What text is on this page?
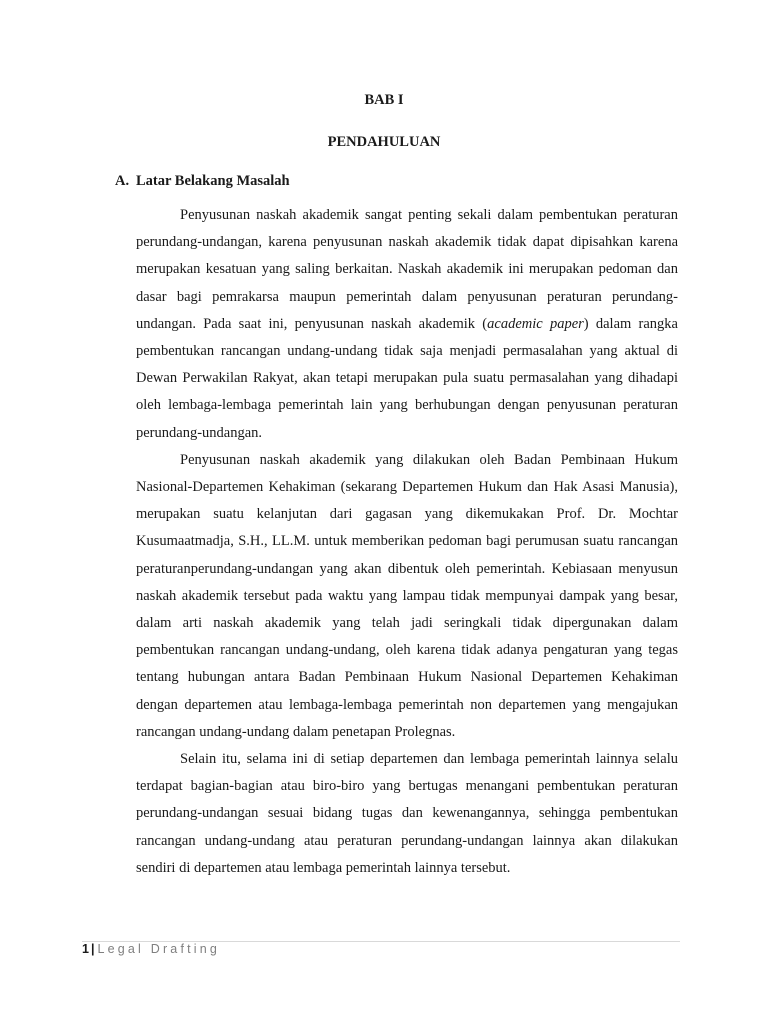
BAB I
PENDAHULUAN
A. Latar Belakang Masalah

Penyusunan naskah akademik sangat penting sekali dalam pembentukan peraturan perundang-undangan, karena penyusunan naskah akademik tidak dapat dipisahkan karena merupakan kesatuan yang saling berkaitan. Naskah akademik ini merupakan pedoman dan dasar bagi pemrakarsa maupun pemerintah dalam penyusunan peraturan perundang-undangan. Pada saat ini, penyusunan naskah akademik (academic paper) dalam rangka pembentukan rancangan undang-undang tidak saja menjadi permasalahan yang aktual di Dewan Perwakilan Rakyat, akan tetapi merupakan pula suatu permasalahan yang dihadapi oleh lembaga-lembaga pemerintah lain yang berhubungan dengan penyusunan peraturan perundang-undangan.

Penyusunan naskah akademik yang dilakukan oleh Badan Pembinaan Hukum Nasional-Departemen Kehakiman (sekarang Departemen Hukum dan Hak Asasi Manusia), merupakan suatu kelanjutan dari gagasan yang dikemukakan Prof. Dr. Mochtar Kusumaatmadja, S.H., LL.M. untuk memberikan pedoman bagi perumusan suatu rancangan peraturanperundang-undangan yang akan dibentuk oleh pemerintah. Kebiasaan menyusun naskah akademik tersebut pada waktu yang lampau tidak mempunyai dampak yang besar, dalam arti naskah akademik yang telah jadi seringkali tidak dipergunakan dalam pembentukan rancangan undang-undang, oleh karena tidak adanya pengaturan yang tegas tentang hubungan antara Badan Pembinaan Hukum Nasional Departemen Kehakiman dengan departemen atau lembaga-lembaga pemerintah non departemen yang mengajukan rancangan undang-undang dalam penetapan Prolegnas.

Selain itu, selama ini di setiap departemen dan lembaga pemerintah lainnya selalu terdapat bagian-bagian atau biro-biro yang bertugas menangani pembentukan peraturan perundang-undangan sesuai bidang tugas dan kewenangannya, sehingga pembentukan rancangan undang-undang atau peraturan perundang-undangan lainnya akan dilakukan sendiri di departemen atau lembaga pemerintah lainnya tersebut.

1 | Legal Drafting
